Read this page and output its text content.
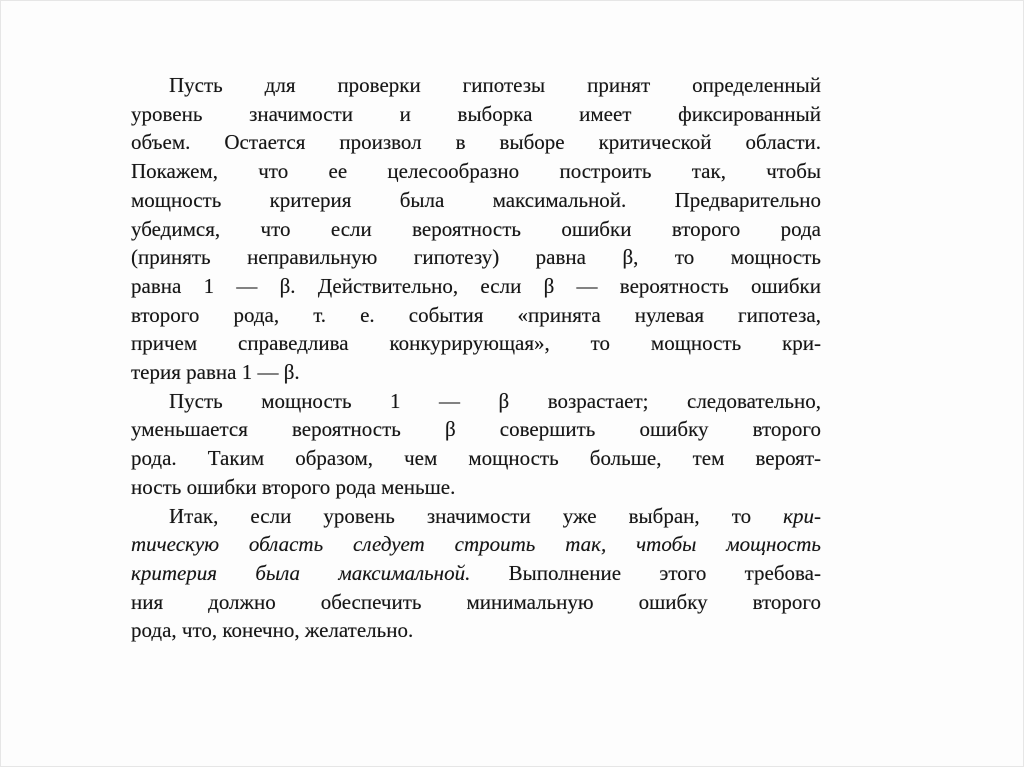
Пусть для проверки гипотезы принят определенный
уровень значимости и выборка имеет фиксированный
объем. Остается произвол в выборе критической области.
Покажем, что ее целесообразно построить так, чтобы
мощность критерия была максимальной. Предварительно
убедимся, что если вероятность ошибки второго рода
(принять неправильную гипотезу) равна β, то мощность
равна 1 — β. Действительно, если β — вероятность ошибки
второго рода, т. е. события «принята нулевая гипотеза,
причем справедлива конкурирующая», то мощность кри-
терия равна 1 — β.
Пусть мощность 1 — β возрастает; следовательно,
уменьшается вероятность β совершить ошибку второго
рода. Таким образом, чем мощность больше, тем вероят-
ность ошибки второго рода меньше.
Итак, если уровень значимости уже выбран, то кри-
тическую область следует строить так, чтобы мощность
критерия была максимальной. Выполнение этого требова-
ния должно обеспечить минимальную ошибку второго
рода, что, конечно, желательно.
